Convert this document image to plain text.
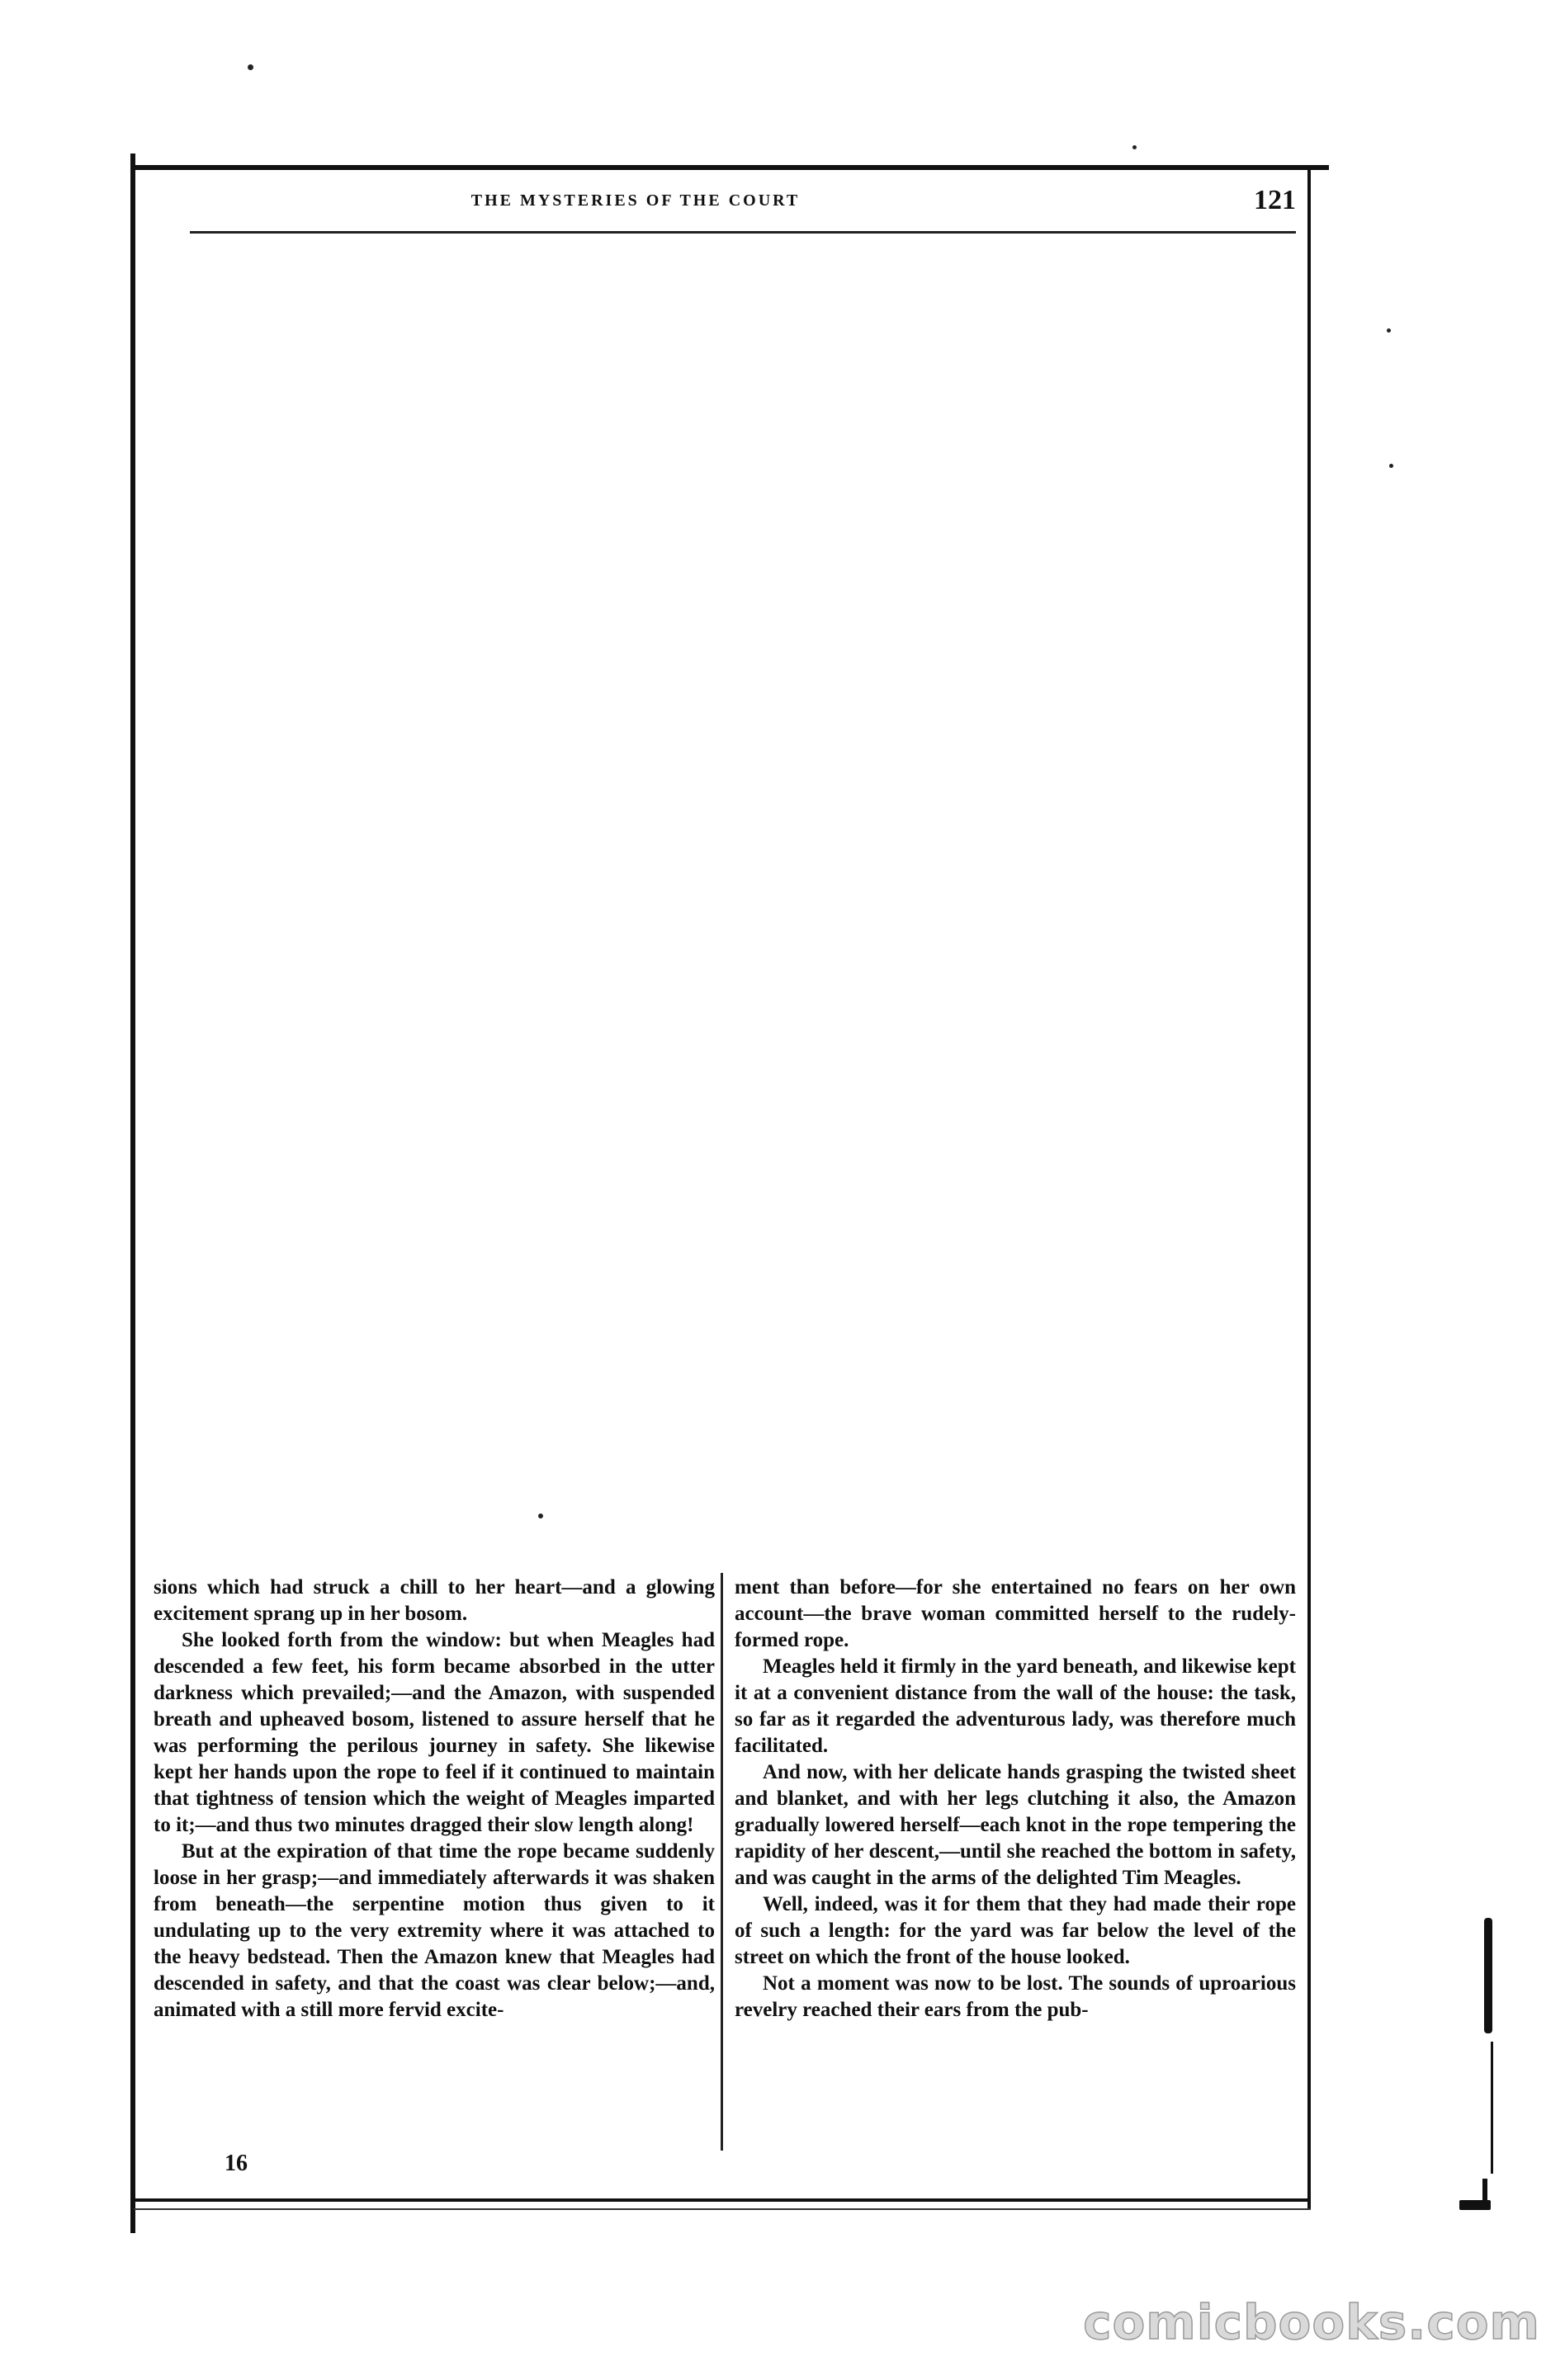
THE MYSTERIES OF THE COURT	121

sions which had struck a chill to her heart—and a glowing excitement sprang up in her bosom.

She looked forth from the window: but when Meagles had descended a few feet, his form became absorbed in the utter darkness which prevailed;—and the Amazon, with suspended breath and upheaved bosom, listened to assure herself that he was performing the perilous journey in safety. She likewise kept her hands upon the rope to feel if it continued to maintain that tightness of tension which the weight of Meagles imparted to it;—and thus two minutes dragged their slow length along!

But at the expiration of that time the rope became suddenly loose in her grasp;—and immediately afterwards it was shaken from beneath—the serpentine motion thus given to it undulating up to the very extremity where it was attached to the heavy bedstead. Then the Amazon knew that Meagles had descended in safety, and that the coast was clear below;—and, animated with a still more fervid excite-

ment than before—for she entertained no fears on her own account—the brave woman committed herself to the rudely-formed rope.

Meagles held it firmly in the yard beneath, and likewise kept it at a convenient distance from the wall of the house: the task, so far as it regarded the adventurous lady, was therefore much facilitated.

And now, with her delicate hands grasping the twisted sheet and blanket, and with her legs clutching it also, the Amazon gradually lowered herself—each knot in the rope tempering the rapidity of her descent,—until she reached the bottom in safety, and was caught in the arms of the delighted Tim Meagles.

Well, indeed, was it for them that they had made their rope of such a length: for the yard was far below the level of the street on which the front of the house looked.

Not a moment was now to be lost. The sounds of uproarious revelry reached their ears from the pub-

16
comicbooks.com
